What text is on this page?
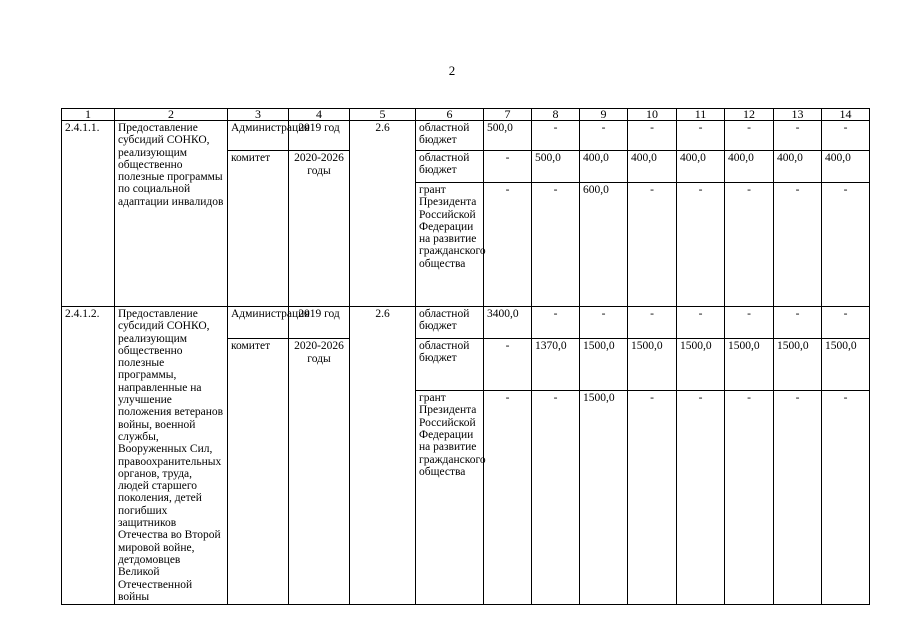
2
1	2	3	4	5	6	7	8	9	10	11	12	13	14
2.4.1.1.	Предоставление субсидий СОНКО, реализующим общественно полезные программы по социальной адаптации инвалидов	Администрация	2019 год	2.6	областной бюджет	500,0	-	-	-	-	-	-	-
		комитет	2020-2026 годы		областной бюджет	-	500,0	400,0	400,0	400,0	400,0	400,0	400,0
					грант Президента Российской Федерации на развитие гражданского общества	-	-	600,0	-	-	-	-	-
2.4.1.2.	Предоставление субсидий СОНКО, реализующим общественно полезные программы, направленные на улучшение положения ветеранов войны, военной службы, Вооруженных Сил, правоохранительных органов, труда, людей старшего поколения, детей погибших защитников Отечества во Второй мировой войне, детдомовцев Великой Отечественной войны	Администрация	2019 год	2.6	областной бюджет	3400,0	-	-	-	-	-	-	-
		комитет	2020-2026 годы		областной бюджет	-	1370,0	1500,0	1500,0	1500,0	1500,0	1500,0	1500,0
					грант Президента Российской Федерации на развитие гражданского общества	-	-	1500,0	-	-	-	-	-
